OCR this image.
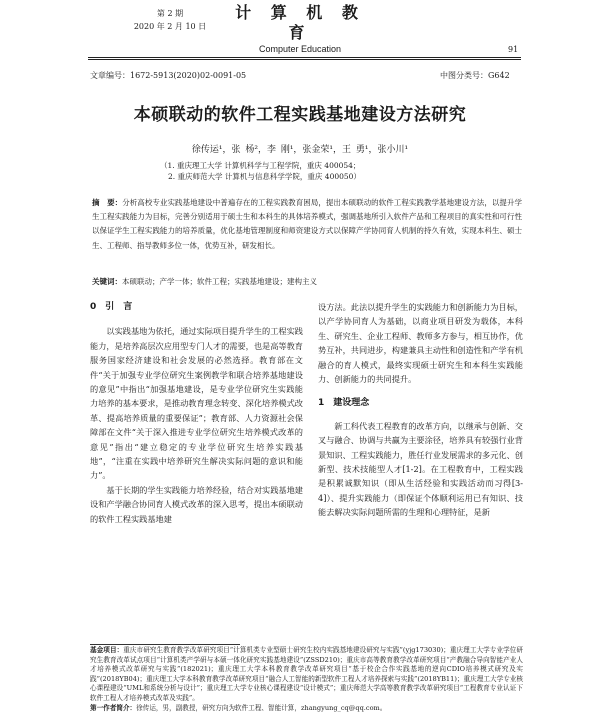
第 2 期
2020 年 2 月 10 日
计 算 机 教 育
Computer Education	91
文章编号：1672-5913(2020)02-0091-05	中图分类号：G642
本硕联动的软件工程实践基地建设方法研究
徐传运¹，张 杨²，李 刚¹，张金荣¹，王 勇¹，张小川¹
（1. 重庆理工大学 计算机科学与工程学院，重庆 400054；
2. 重庆师范大学 计算机与信息科学学院，重庆 400050）
摘　要：分析高校专业实践基地建设中普遍存在的工程实践教育困局，提出本硕联动的软件工程实践教学基地建设方法，以提升学生工程实践能力为目标，完善分别适用于硕士生和本科生的具体培养模式，强调基地所引入软件产品和工程项目的真实性和可行性以保证学生工程实践能力的培养质量，优化基地管理制度和师资建设方式以保障产学协同育人机制的持久有效，实现本科生、硕士生、工程师、指导教师多位一体，优势互补，研发相长。
关键词：本硕联动；产学一体；软件工程；实践基地建设；建构主义
0　引　言

以实践基地为依托，通过实际项目提升学生的工程实践能力，是培养高层次应用型专门人才的需要，也是高等教育服务国家经济建设和社会发展的必然选择。教育部在文件“关于加强专业学位研究生案例教学和联合培养基地建设的意见”中指出“加强基地建设，是专业学位研究生实践能力培养的基本要求，是推动教育理念转变、深化培养模式改革、提高培养质量的重要保证”；教育部、人力资源社会保障部在文件“关于深入推进专业学位研究生培养模式改革的意见”指出“建立稳定的专业学位研究生培养实践基地”，“注重在实践中培养研究生解决实际问题的意识和能力”。

基于长期的学生实践能力培养经验，结合对实践基地建设和产学融合协同育人模式改革的深入思考，提出本硕联动的软件工程实践基地建

设方法。此法以提升学生的实践能力和创新能力为目标，以产学协同育人为基础，以商业项目研发为载体，本科生、研究生、企业工程师、教师多方参与，相互协作，优势互补，共同进步，构建兼具主动性和创造性和产学有机融合的育人模式，最终实现硕士研究生和本科生实践能力、创新能力的共同提升。

1　建设理念

新工科代表工程教育的改革方向，以继承与创新、交叉与融合、协调与共赢为主要涂径，培养具有较强行业背景知识、工程实践能力，胜任行业发展需求的多元化、创新型、技术技能型人才[1-2]。在工程教育中，工程实践是积累诚默知识（即从生活经验和实践活动而习得[3-4]）、提升实践能力（即保证个体顺利运用已有知识、技能去解决实际问题所需的生理和心理特征，是新

基金项目：重庆市研究生教育教学改革研究项目“计算机类专业型硕士研究生校内实践基地建设研究与实践”(yjg173030)；重庆理工大学专业学位研究生教育改革试点项目“计算机类产学研与本硕一体化研究实践基地建设”(ZSSD210)；重庆市高等教育教学改革研究项目“产教融合导向智能产业人才培养模式改革研究与实践”(182021)；重庆理工大学本科教育教学改革研究项目“基于校企合作实践基地的逆向CDIO培养模式研究及实践”(2018YB04)；重庆理工大学本科教育教学改革研究项目“融合人工智能的新型软件工程人才培养探索与实践”(2018YB11)；重庆理工大学专业核心课程建设“UML和系统分析与设计”；重庆理工大学专业核心课程建设“设计模式”；重庆师范大学高等教育教学改革研究项目“工程教育专业认证下软件工程人才培养模式改革及实践”。
第一作者简介：徐传运，男，副教授，研究方向为软件工程、智能计算，zhangyung_cq@qq.com。
